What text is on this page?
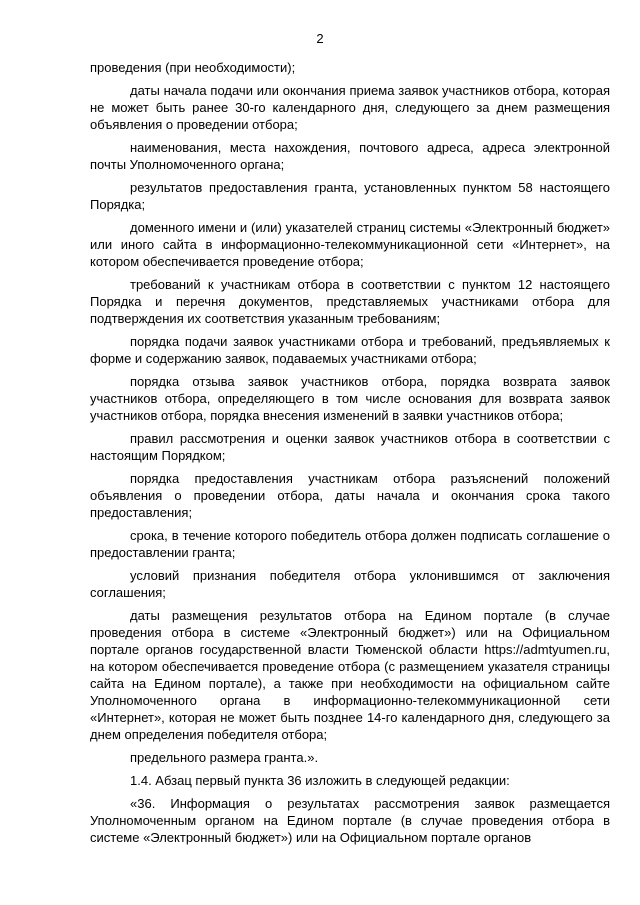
2

проведения (при необходимости);

даты начала подачи или окончания приема заявок участников отбора, которая не может быть ранее 30-го календарного дня, следующего за днем размещения объявления о проведении отбора;

наименования, места нахождения, почтового адреса, адреса электронной почты Уполномоченного органа;

результатов предоставления гранта, установленных пунктом 58 настоящего Порядка;

доменного имени и (или) указателей страниц системы «Электронный бюджет» или иного сайта в информационно-телекоммуникационной сети «Интернет», на котором обеспечивается проведение отбора;

требований к участникам отбора в соответствии с пунктом 12 настоящего Порядка и перечня документов, представляемых участниками отбора для подтверждения их соответствия указанным требованиям;

порядка подачи заявок участниками отбора и требований, предъявляемых к форме и содержанию заявок, подаваемых участниками отбора;

порядка отзыва заявок участников отбора, порядка возврата заявок участников отбора, определяющего в том числе основания для возврата заявок участников отбора, порядка внесения изменений в заявки участников отбора;

правил рассмотрения и оценки заявок участников отбора в соответствии с настоящим Порядком;

порядка предоставления участникам отбора разъяснений положений объявления о проведении отбора, даты начала и окончания срока такого предоставления;

срока, в течение которого победитель отбора должен подписать соглашение о предоставлении гранта;

условий признания победителя отбора уклонившимся от заключения соглашения;

даты размещения результатов отбора на Едином портале (в случае проведения отбора в системе «Электронный бюджет») или на Официальном портале органов государственной власти Тюменской области https://admtyumen.ru, на котором обеспечивается проведение отбора (с размещением указателя страницы сайта на Едином портале), а также при необходимости на официальном сайте Уполномоченного органа в информационно-телекоммуникационной сети «Интернет», которая не может быть позднее 14-го календарного дня, следующего за днем определения победителя отбора;

предельного размера гранта.».

1.4. Абзац первый пункта 36 изложить в следующей редакции:

«36. Информация о результатах рассмотрения заявок размещается Уполномоченным органом на Едином портале (в случае проведения отбора в системе «Электронный бюджет») или на Официальном портале органов
